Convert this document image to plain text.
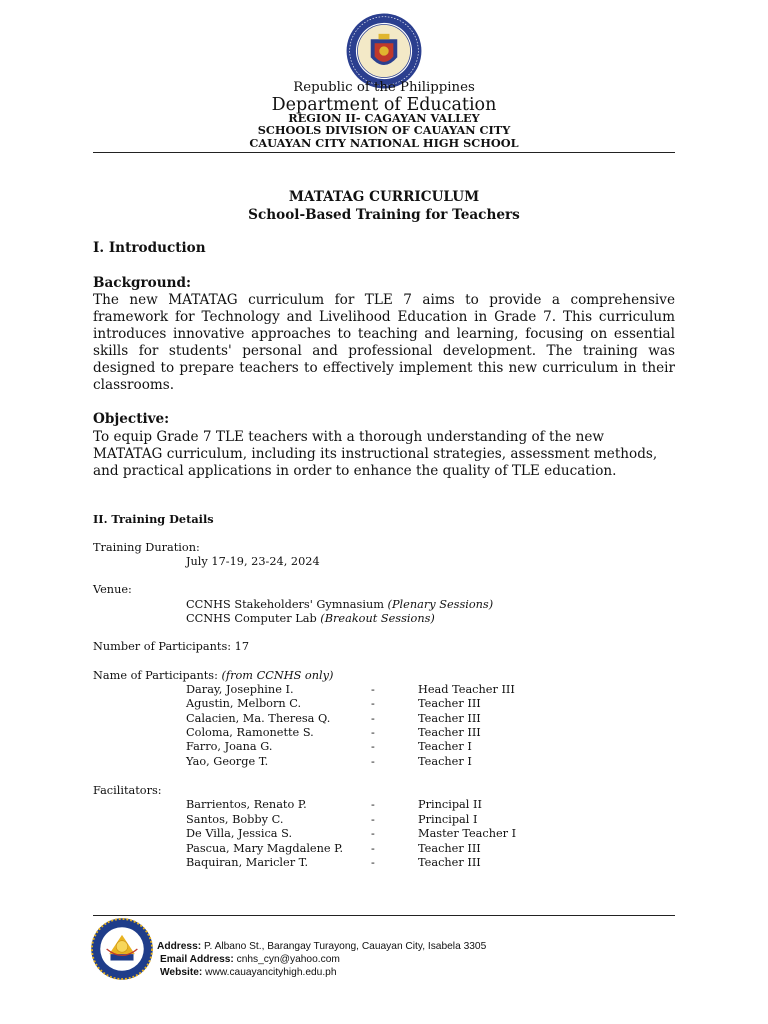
Republic of the Philippines
Department of Education
REGION II- CAGAYAN VALLEY
SCHOOLS DIVISION OF CAUAYAN CITY
CAUAYAN CITY NATIONAL HIGH SCHOOL
MATATAG CURRICULUM
School-Based Training for Teachers
I. Introduction
Background:
The new MATATAG curriculum for TLE 7 aims to provide a comprehensive framework for Technology and Livelihood Education in Grade 7. This curriculum introduces innovative approaches to teaching and learning, focusing on essential skills for students' personal and professional development. The training was designed to prepare teachers to effectively implement this new curriculum in their classrooms.
Objective:
To equip Grade 7 TLE teachers with a thorough understanding of the new MATATAG curriculum, including its instructional strategies, assessment methods, and practical applications in order to enhance the quality of TLE education.
II. Training Details
Training Duration:
July 17-19, 23-24, 2024
Venue:
CCNHS Stakeholders' Gymnasium (Plenary Sessions)
CCNHS Computer Lab (Breakout Sessions)
Number of Participants: 17
Name of Participants: (from CCNHS only)
Daray, Josephine I.	-	Head Teacher III
Agustin, Melborn C.	-	Teacher III
Calacien, Ma. Theresa Q.	-	Teacher III
Coloma, Ramonette S.	-	Teacher III
Farro, Joana G.	-	Teacher I
Yao, George T.	-	Teacher I
Facilitators:
Barrientos, Renato P.	-	Principal II
Santos, Bobby C.	-	Principal I
De Villa, Jessica S.	-	Master Teacher I
Pascua, Mary Magdalene P. -	Teacher III
Baquiran, Maricler T.	-	Teacher III
Address: P. Albano St., Barangay Turayong, Cauayan City, Isabela 3305
Email Address: cnhs_cyn@yahoo.com
Website: www.cauayancityhigh.edu.ph
